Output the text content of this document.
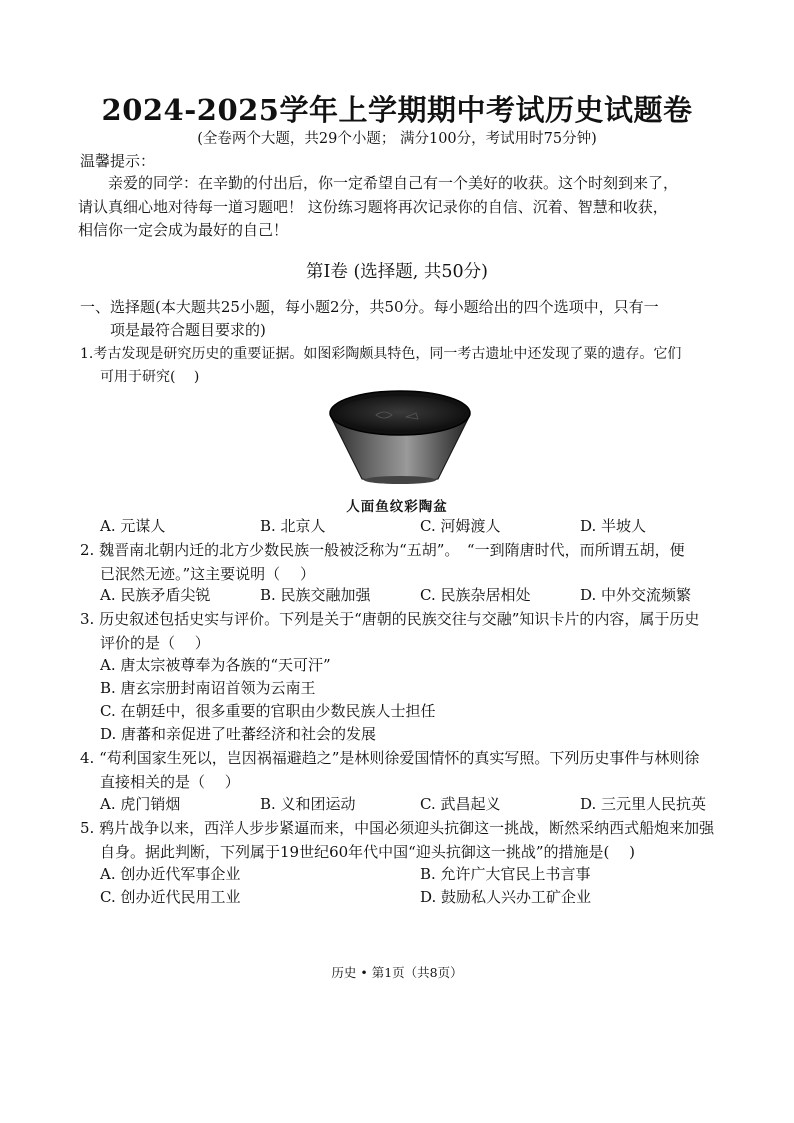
2024-2025学年上学期期中考试历史试题卷
(全卷两个大题，共29个小题； 满分100分，考试用时75分钟)
温馨提示：

亲爱的同学：在辛勤的付出后，你一定希望自己有一个美好的收获。这个时刻到来了，

请认真细心地对待每一道习题吧！ 这份练习题将再次记录你的自信、沉着、智慧和收获，

相信你一定会成为最好的自己！

第Ⅰ卷 (选择题, 共50分)
一、选择题(本大题共25小题，每小题2分，共50分。每小题给出的四个选项中，只有一
项是最符合题目要求的)
1.考古发现是研究历史的重要证据。如图彩陶颇具特色，同一考古遗址中还发现了粟的遗存。它们
可用于研究(　 )
人面鱼纹彩陶盆
A. 元谋人	B. 北京人	C. 河姆渡人	D. 半坡人

2. 魏晋南北朝内迁的北方少数民族一般被泛称为“五胡”。　“一到隋唐时代，而所谓五胡，便

已泯然无迹。”这主要说明（　 ）

A. 民族矛盾尖锐	B. 民族交融加强	C. 民族杂居相处	D. 中外交流频繁

3. 历史叙述包括史实与评价。下列是关于“唐朝的民族交往与交融”知识卡片的内容，属于历史

评价的是（　 ）

A. 唐太宗被尊奉为各族的“天可汗”
B. 唐玄宗册封南诏首领为云南王
C. 在朝廷中，很多重要的官职由少数民族人士担任
D. 唐蕃和亲促进了吐蕃经济和社会的发展

4. “苟利国家生死以，岂因祸福避趋之”是林则徐爱国情怀的真实写照。下列历史事件与林则徐

直接相关的是（　 ）

A. 虎门销烟	B. 义和团运动	C. 武昌起义	D. 三元里人民抗英

5. 鸦片战争以来，西洋人步步紧逼而来，中国必须迎头抗御这一挑战，断然采纳西式船炮来加强

自身。据此判断，下列属于19世纪60年代中国“迎头抗御这一挑战”的措施是(　 )

A. 创办近代军事企业	B. 允许广大官民上书言事
C. 创办近代民用工业	D. 鼓励私人兴办工矿企业
历史 • 第1页（共8页）
